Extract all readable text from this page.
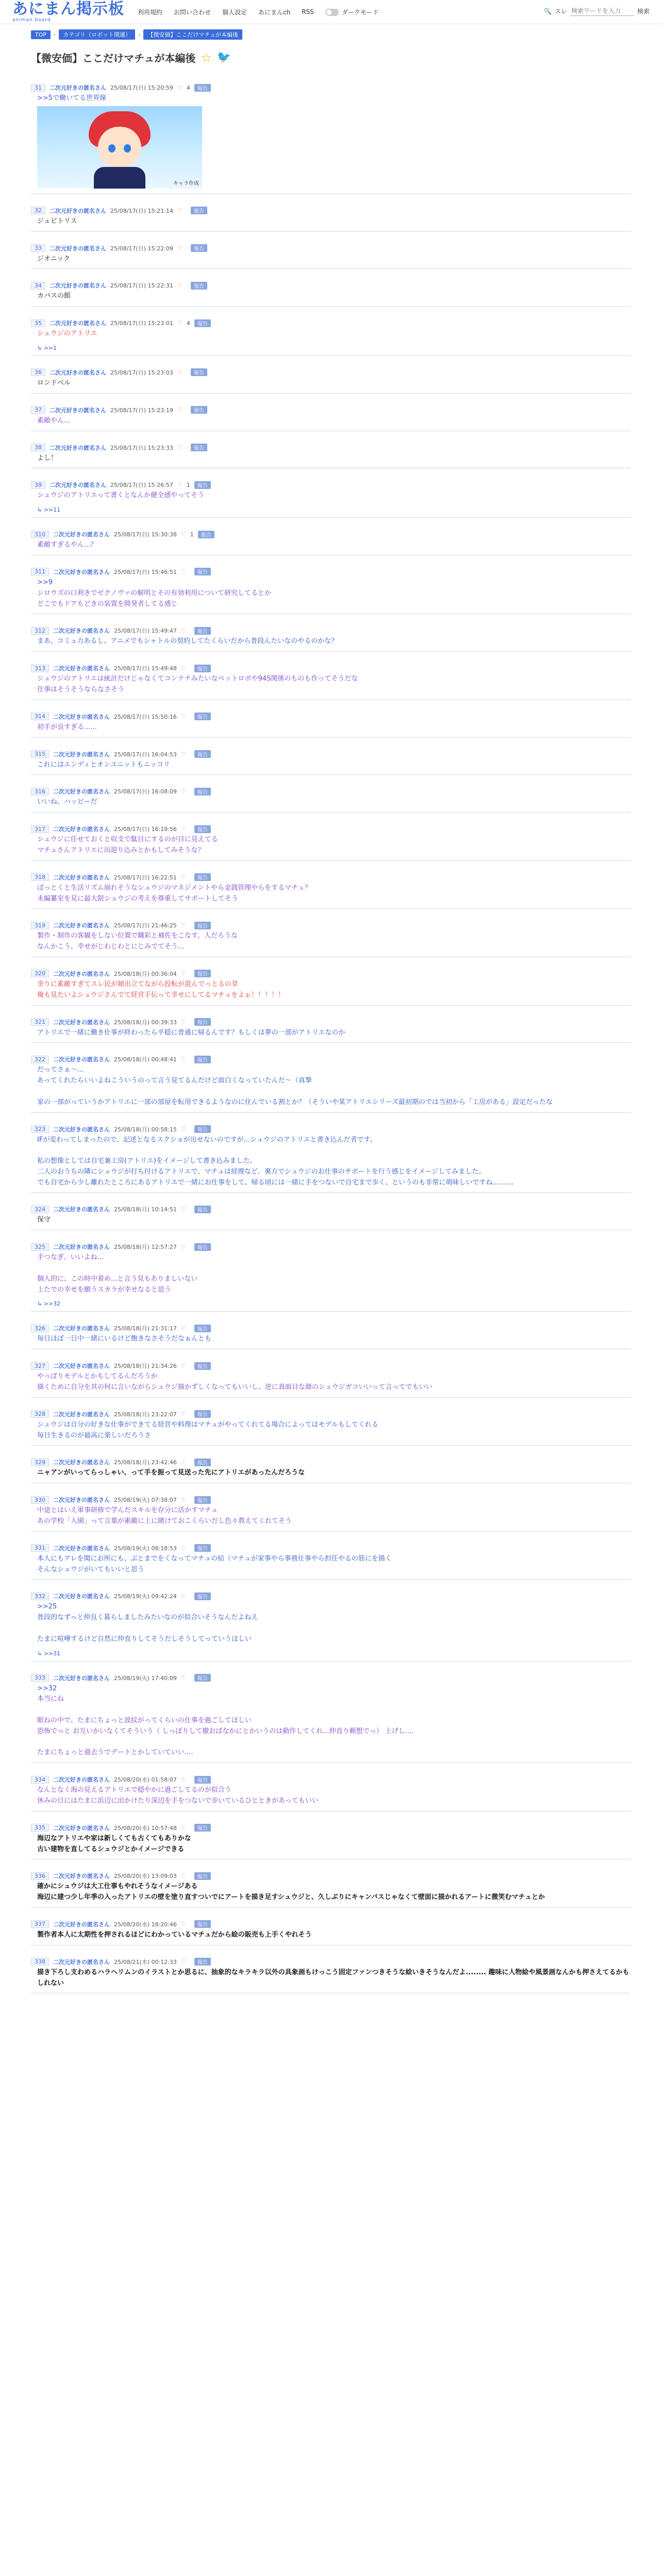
あにまん掲示板
animan board
利用規約 お問い合わせ 個人設定 あにまんch RSS	ダークモード	🔍 スレ
検索ワードを入力	検索
TOP	›	カテゴリ（ロボット関連）	›	【微安価】ここだけマチュが本編後
【微安価】ここだけマチュが本編後 ☆ 🐦
31	二次元好きの匿名さん 25/08/17(日) 15:20:59 ♡ 4	報告
>>5で働いてる世界線
キャラ作成
32	二次元好きの匿名さん 25/08/17(日) 15:21:14 ♡	報告
ジュピトリス
33	二次元好きの匿名さん 25/08/17(日) 15:22:09 ♡	報告
ジオニック
34	二次元好きの匿名さん 25/08/17(日) 15:22:31 ♡	報告
カバスの館
35	二次元好きの匿名さん 25/08/17(日) 15:23:01 ♡ 4	報告
シュウジのアトリエ
↳ >>1
36	二次元好きの匿名さん 25/08/17(日) 15:23:03 ♡	報告
ロンドベル
37	二次元好きの匿名さん 25/08/17(日) 15:23:19 ♡	報告
素敵やん...
38	二次元好きの匿名さん 25/08/17(日) 15:23:33 ♡	報告
よし！
39	二次元好きの匿名さん 25/08/17(日) 15:26:57 ♡ 1	報告
シュウジのアトリエって書くとなんか健全感やってそう
↳ >>11
310	二次元好きの匿名さん 25/08/17(日) 15:30:38 ♡ 1	報告
素敵すぎるやん...？
311	二次元好きの匿名さん 25/08/17(日) 15:46:51 ♡	報告
>>9
シロウズの口利きでゼクノヴァの解明とその有効利用について研究してるとか
どこでもドアもどきの装置を開発者してる感じ
312	二次元好きの匿名さん 25/08/17(日) 15:49:47 ♡	報告
まあ、コミュ力あるし、アニメでもシャトルの契約してたくらいだから普段んたいなのやるのかな？
313	二次元好きの匿名さん 25/08/17(日) 15:49:48 ♡	報告
シュウジのアトリエは統計だけじゃなくてコンテナみたいなペットロボや94S関係のものも作ってそうだな
仕事はそうそうならなさそう
314	二次元好きの匿名さん 25/08/17(日) 15:50:16 ♡	報告
初手が良すぎる......
315	二次元好きの匿名さん 25/08/17(日) 16:04:53 ♡	報告
これにはエンディとオンユニットもニッコリ
316	二次元好きの匿名さん 25/08/17(日) 16:08:09 ♡	報告
いいね、ハッピーだ
317	二次元好きの匿名さん 25/08/17(日) 16:19:56 ♡	報告
シュウジに任せておくと収支で駄目にするのが目に見えてる
マチュさんアトリエに出迎り込みとかもしてみそうな？
318	二次元好きの匿名さん 25/08/17(日) 16:22:51 ♡	報告
ぼっとくと生活リズム崩れそうなシュウジのマネジメントやら金銭管理やらをするマチュ？
未編纂室を見に最大限シュウジの考えを尊重してサポートしてそう
319	二次元好きの匿名さん 25/08/17(日) 21:46:25 ♡	報告
製作・制作の客観をしない位置で職彩と補佐をこなす、人だろうな
なんかこう、幸せがじわじわとにじみでてそう...
320	二次元好きの匿名さん 25/08/18(月) 00:36:04 ♡	報告
余りに素敵すぎてスレ民が頻出立てながら投転が混んでっとるの草
俺も見たいよシュウジさんでて経営手伝って幸せにしてるマチュをよぉ！！！！！
321	二次元好きの匿名さん 25/08/18(月) 00:39:33 ♡	報告
アトリエで一緒に働き仕事が終わったら平穏に普通に帰るんです？もしくは夢の一部がアトリエなのか
322	二次元好きの匿名さん 25/08/18(月) 00:48:41 ♡	報告
だってさぁ〜...
あってくれたらいいよねこういうのって言う見てるんだけど面白くなっていたんだ〜（真摯

家の一部がっていうかアトリエに一部の部屋を転用できるようなのに住んでいる割とか？（そういや某アトリエシリーズ最初期のでは当初から「工房がある」設定だったな
323	二次元好きの匿名さん 25/08/18(月) 00:58:15 ♡	報告
IFが変わってしまったので、記述となるスクショが出せないのですが...シュウジのアトリエと書き込んだ者です。

私の想像としては自宅兼工房(アトリエ)をイメージして書き込みました。
二人のおうちの隣にシュウジが打ち付けるアトリエで、マチュは経理など、裏方でシュウジのお仕事のサポートを行う感じをイメージしてみました。
でも自宅から少し離れたところにあるアトリエで一緒にお仕事をして、帰る頃には一緒に手をつないで自宅まで歩く、というのも非常に萌味しいですね..........
324	二次元好きの匿名さん 25/08/18(月) 10:14:51 ♡	報告
保守
325	二次元好きの匿名さん 25/08/18(月) 12:57:27 ♡	報告
手つなぎ、いいよね...

個人的に、この時中着め...と言う見もありましいない
上たでの幸せを願うスカラが幸せなると思う
↳ >>32
326	二次元好きの匿名さん 25/08/18(月) 21:31:17 ♡	報告
毎日ほぼ一日中一緒にいるけど飽きなさそうだなぁんとも
327	二次元好きの匿名さん 25/08/18(月) 21:34:26 ♡	報告
やっぱりモデルとかもしてるんだろうか
描くために自分を其の何に言いながらシュウジ描かずしくなってもいいし、逆に真面目な顔のシュウジガコいいって言ってでもいい
328	二次元好きの匿名さん 25/08/18(月) 23:22:07 ♡	報告
シュウジは自分の好きな仕事ができてる経営や料理はマチュがやってくれてる場合によってはモデルもしてくれる
毎日生きるのが最高に楽しいだろうさ
329	二次元好きの匿名さん 25/08/18(月) 23:42:46 ♡	報告
ニャアンがいってらっしゃい、って手を振って見送った先にアトリエがあったんだろうな
330	二次元好きの匿名さん 25/08/19(火) 07:38:07 ♡	報告
中途とはいえ軍事研修で学んだスキルを存分に活かすマチュ
あの学校「入園」って言葉が素敵に上に賭けておこくらいだし色々教えてくれてそう
331	二次元好きの匿名さん 25/08/19(火) 08:18:53 ♡	報告
本人にもアレを聞にお所にも、ぶとまでをくなってマチュの結（マチュが家事やら事務仕事やら担任やるの筋にを描く
そんなシュウジがいてもいいと思う
332	二次元好きの匿名さん 25/08/19(火) 09:42:24 ♡	報告
>>25
普段的なずっと仲良く暮らしましたみたいなのが似合いそうなんだよねえ

たまに喧嘩するけど自然に仲直りしてそうだしそうしてっていうほしい
↳ >>31
333	二次元好きの匿名さん 25/08/19(火) 17:40:09 ♡	報告
>>32
本当にね

眠ねの中で、たまにちょっと波紋がってくらいの仕事を過ごしてほしい
恐怖でっと お互いかいなくてそういう（ しっぽりして撤おばなかにとかいうのは動作してくれ...仲直り頼想でっ） 上げし....

たまにちょっと過去うでデートとかしていていい....
334	二次元好きの匿名さん 25/08/20(水) 01:58:07 ♡	報告
なんとなく海の見えるアトリエで穏やかに過ごしてるのが似合う
休みの日にはたまに浜辺に出かけたり深辺を手をつないで歩いているひとときがあってもいい
335	二次元好きの匿名さん 25/08/20(水) 10:57:48 ♡	報告
海辺なアトリエや家は新しくても古くてもありかな
古い建物を直してるシュウジとかイメージできる
336	二次元好きの匿名さん 25/08/20(水) 13:09:03 ♡	報告
確かにシュウジは大工仕事もやれそうなイメージある
海辺に建つ少し年季の入ったアトリエの壁を塗り直すついでにアートを描き足すシュウジと、久しぶりにキャンバスじゃなくて壁面に描かれるアートに微笑むマチュとか
337	二次元好きの匿名さん 25/08/20(水) 18:20:46 ♡	報告
製作者本人に太期性を押されるほどにわかっているマチュだから絵の販売も上手くやれそう
338	二次元好きの匿名さん 25/08/21(木) 00:12:33 ♡	報告
描き下ろし支わめるハラヘリムンのイラストとか思るに、抽象的なキラキラ以外の具象画もけっこう固定ファンつきそうな絵いきそうなんだよ........ 趣味に人物絵や風景画なんかも押さえてるかもしれない
